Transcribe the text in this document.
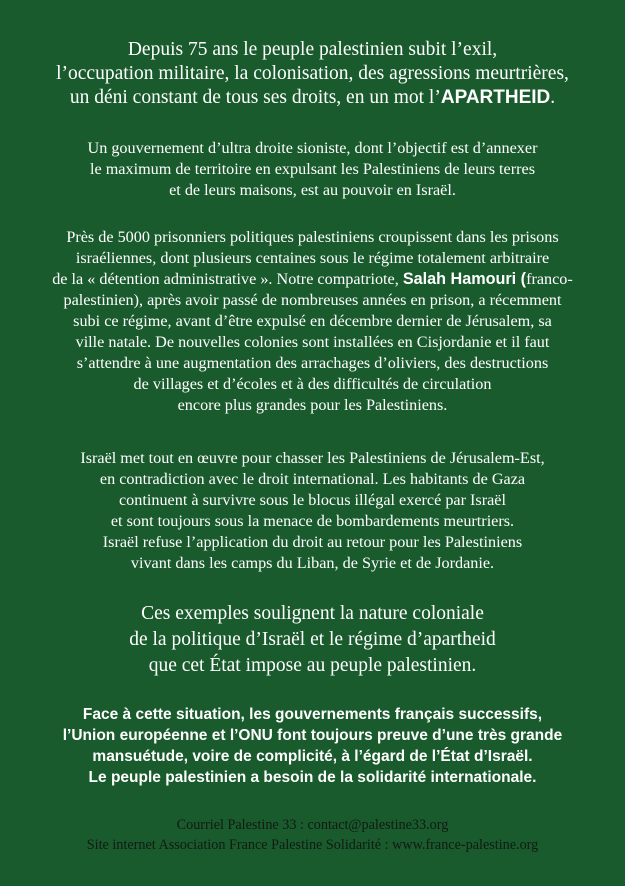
Depuis 75 ans le peuple palestinien subit l’exil,
l’occupation militaire, la colonisation, des agressions meurtrières,
un déni constant de tous ses droits, en un mot l’APARTHEID.

Un gouvernement d’ultra droite sioniste, dont l’objectif est d’annexer
le maximum de territoire en expulsant les Palestiniens de leurs terres
et de leurs maisons, est au pouvoir en Israël.

Près de 5000 prisonniers politiques palestiniens croupissent dans les prisons
israéliennes, dont plusieurs centaines sous le régime totalement arbitraire
de la « détention administrative ». Notre compatriote, Salah Hamouri (franco-
palestinien), après avoir passé de nombreuses années en prison, a récemment
subi ce régime, avant d’être expulsé en décembre dernier de Jérusalem, sa
ville natale. De nouvelles colonies sont installées en Cisjordanie et il faut
s’attendre à une augmentation des arrachages d’oliviers, des destructions
de villages et d’écoles et à des difficultés de circulation
encore plus grandes pour les Palestiniens.

Israël met tout en œuvre pour chasser les Palestiniens de Jérusalem-Est,
en contradiction avec le droit international. Les habitants de Gaza
continuent à survivre sous le blocus illégal exercé par Israël
et sont toujours sous la menace de bombardements meurtriers.
Israël refuse l’application du droit au retour pour les Palestiniens
vivant dans les camps du Liban, de Syrie et de Jordanie.

Ces exemples soulignent la nature coloniale
de la politique d’Israël et le régime d’apartheid
que cet État impose au peuple palestinien.

Face à cette situation, les gouvernements français successifs,
l’Union européenne et l’ONU font toujours preuve d’une très grande
mansuétude, voire de complicité, à l’égard de l’État d’Israël.
Le peuple palestinien a besoin de la solidarité internationale.

Courriel Palestine 33 : contact@palestine33.org
Site internet Association France Palestine Solidarité : www.france-palestine.org
